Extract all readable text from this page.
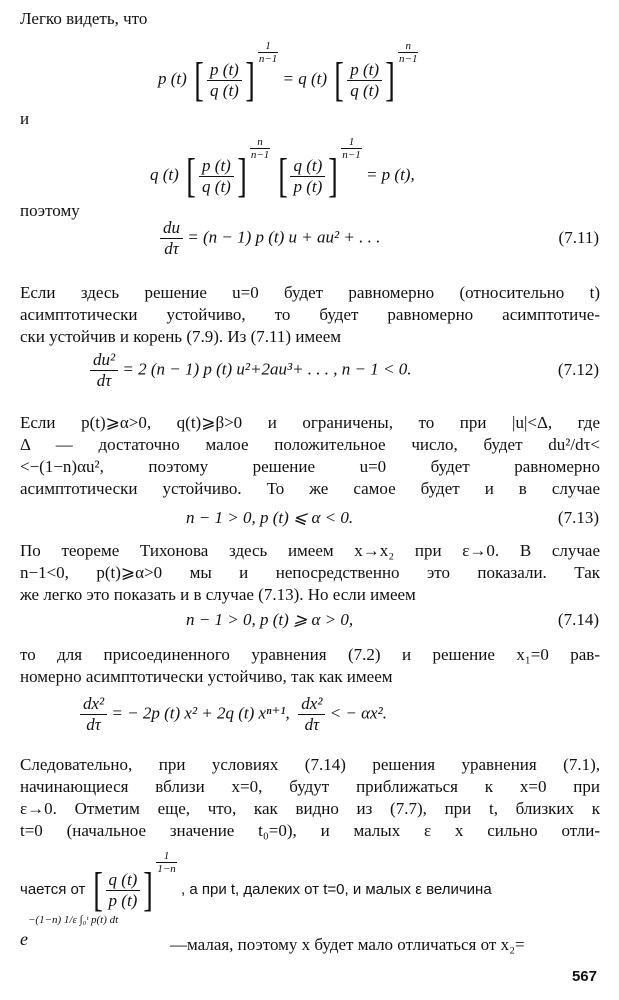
Легко видеть, что
p (t) [ $\frac{p (t)}{q (t)}$ ]
$\frac{1}{n-1}$
= q (t) [ $\frac{p (t)}{q (t)}$ ]
$\frac{n}{n-1}$
и
q (t) [ $\frac{p (t)}{q (t)}$ ]
$\frac{n}{n-1}$
[ $\frac{q (t)}{p (t)}$ ]
$\frac{1}{n-1}$
= p (t),
поэтому
$\frac{du}{d\tau} = (n - 1)$ p (t) u + au² + . . .	(7.11)
Если здесь решение u=0 будет равномерно (относительно t)
асимптотически устойчиво, то будет равномерно асимптотиче-
ски устойчив и корень (7.9). Из (7.11) имеем
$\frac{\text{du²}}{d\tau} = 2$ (n − 1) p (t) u²+2au³+ . . . , n − 1 < 0.	(7.12)
Если p(t)⩾α>0, q(t)⩾β>0 и ограничены, то при |u|<Δ, где
Δ — достаточно малое положительное число, будет du²/dτ<
<−(1−n)αu², поэтому решение u=0 будет равномерно
асимптотически устойчиво. То же самое будет и в случае
n − 1 > 0, p (t) ⩽ α < 0.	(7.13)
По теореме Тихонова здесь имеем x→x₂ при ε→0. В случае
n−1<0, p(t)⩾α>0 мы и непосредственно это показали. Так
же легко это показать и в случае (7.13). Но если имеем
n − 1 > 0, p (t) ⩾ α > 0,	(7.14)
то для присоединенного уравнения (7.2) и решение x₁=0 рав-
номерно асимптотически устойчиво, так как имеем
$\frac{\text{dx²}}{d\tau}$ = − 2p (t) x² + 2q (t) xⁿ⁺¹, $\frac{\text{dx²}}{d\tau}$ < − αx².
Следовательно, при условиях (7.14) решения уравнения (7.1),
начинающиеся вблизи x=0, будут приближаться к x=0 при
ε→0. Отметим еще, что, как видно из (7.7), при t, близких к
t=0 (начальное значение t₀=0), и малых ε x сильно отли-
чается от [ $\frac{q (t)}{p (t)}$ ]
$\frac{1}{1-n}$
, а при t, далеких от t=0, и малых ε величина
$e^{-(1-n) 1/\varepsilon \int_0ᵗ p(t) dt}$
—малая, поэтому x будет мало отличаться от x₂=
567
